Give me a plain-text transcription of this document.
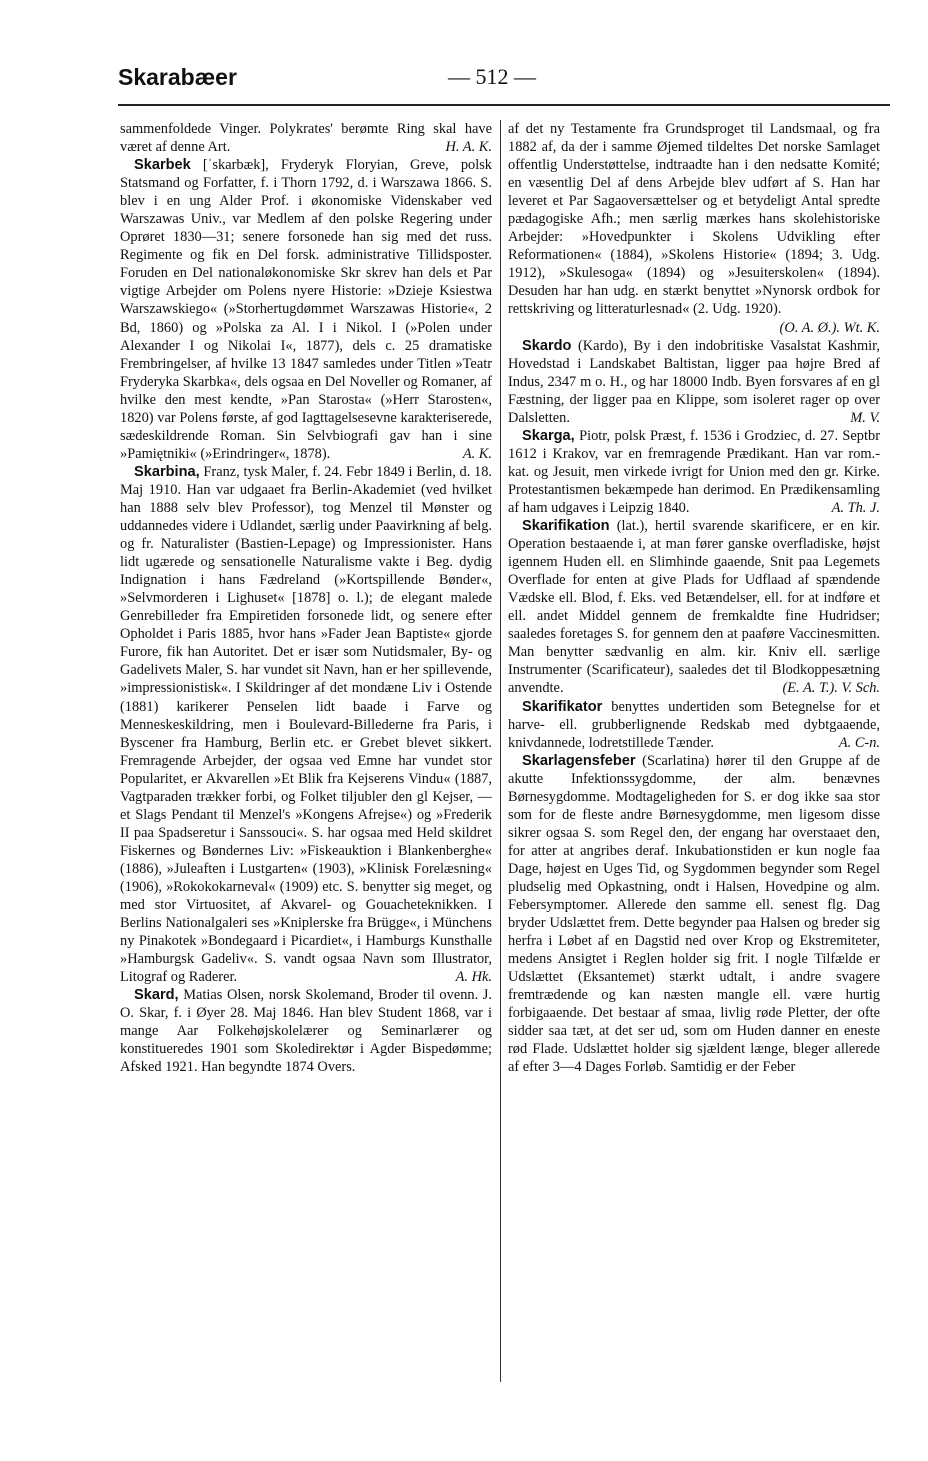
Skarabæer	— 512 —

sammenfoldede Vinger. Polykrates' berømte Ring skal have været af denne Art.	H. A. K.

Skarbek [ˈskarbæk], Fryderyk Floryian, Greve, polsk Statsmand og Forfatter, f. i Thorn 1792, d. i Warszawa 1866. S. blev i en ung Alder Prof. i økonomiske Videnskaber ved Warszawas Univ., var Medlem af den polske Regering under Oprøret 1830—31; senere forsonede han sig med det russ. Regimente og fik en Del forsk. administrative Tillidsposter. Foruden en Del nationaløkonomiske Skr skrev han dels et Par vigtige Arbejder om Polens nyere Historie: »Dzieje Ksiestwa Warszawskiego« (»Storhertugdømmet Warszawas Historie«, 2 Bd, 1860) og »Polska za Al. I i Nikol. I (»Polen under Alexander I og Nikolai I«, 1877), dels c. 25 dramatiske Frembringelser, af hvilke 13 1847 samledes under Titlen »Teatr Fryderyka Skarbka«, dels ogsaa en Del Noveller og Romaner, af hvilke den mest kendte, »Pan Starosta« (»Herr Starosten«, 1820) var Polens første, af god Iagttagelsesevne karakteriserede, sædeskildrende Roman. Sin Selvbiografi gav han i sine »Pamiętniki« (»Erindringer«, 1878).	A. K.

Skarbina, Franz, tysk Maler, f. 24. Febr 1849 i Berlin, d. 18. Maj 1910. Han var udgaaet fra Berlin-Akademiet (ved hvilket han 1888 selv blev Professor), tog Menzel til Mønster og uddannedes videre i Udlandet, særlig under Paavirkning af belg. og fr. Naturalister (Bastien-Lepage) og Impressionister. Hans lidt ugærede og sensationelle Naturalisme vakte i Beg. dydig Indignation i hans Fædreland (»Kortspillende Bønder«, »Selvmorderen i Lighuset« [1878] o. l.); de elegant malede Genrebilleder fra Empiretiden forsonede lidt, og senere efter Opholdet i Paris 1885, hvor hans »Fader Jean Baptiste« gjorde Furore, fik han Autoritet. Det er især som Nutidsmaler, By- og Gadelivets Maler, S. har vundet sit Navn, han er her spillevende, »impressionistisk«. I Skildringer af det mondæne Liv i Ostende (1881) karikerer Penselen lidt baade i Farve og Menneskeskildring, men i Boulevard-Billederne fra Paris, i Byscener fra Hamburg, Berlin etc. er Grebet blevet sikkert. Fremragende Arbejder, der ogsaa ved Emne har vundet stor Popularitet, er Akvarellen »Et Blik fra Kejserens Vindu« (1887, Vagtparaden trækker forbi, og Folket tiljubler den gl Kejser, — et Slags Pendant til Menzel's »Kongens Afrejse«) og »Frederik II paa Spadseretur i Sanssouci«. S. har ogsaa med Held skildret Fiskernes og Bøndernes Liv: »Fiskeauktion i Blankenberghe« (1886), »Juleaften i Lustgarten« (1903), »Klinisk Forelæsning« (1906), »Rokokokarneval« (1909) etc. S. benytter sig meget, og med stor Virtuositet, af Akvarel- og Gouacheteknikken. I Berlins Nationalgaleri ses »Kniplerske fra Brügge«, i Münchens ny Pinakotek »Bondegaard i Picardiet«, i Hamburgs Kunsthalle »Hamburgsk Gadeliv«. S. vandt ogsaa Navn som Illustrator, Litograf og Raderer.	A. Hk.

Skard, Matias Olsen, norsk Skolemand, Broder til ovenn. J. O. Skar, f. i Øyer 28. Maj 1846. Han blev Student 1868, var i mange Aar Folkehøjskolelærer og Seminarlærer og konstitueredes 1901 som Skoledirektør i Agder Bispedømme; Afsked 1921. Han begyndte 1874 Overs.

af det ny Testamente fra Grundsproget til Landsmaal, og fra 1882 af, da der i samme Øjemed tildeltes Det norske Samlaget offentlig Understøttelse, indtraadte han i den nedsatte Komité; en væsentlig Del af dens Arbejde blev udført af S. Han har leveret et Par Sagaoversættelser og et betydeligt Antal spredte pædagogiske Afh.; men særlig mærkes hans skolehistoriske Arbejder: »Hovedpunkter i Skolens Udvikling efter Reformationen« (1884), »Skolens Historie« (1894; 3. Udg. 1912), »Skulesoga« (1894) og »Jesuiterskolen« (1894). Desuden har han udg. en stærkt benyttet »Nynorsk ordbok for rettskriving og litteraturlesnad« (2. Udg. 1920).
(O. A. Ø.). Wt. K.

Skardo (Kardo), By i den indobritiske Vasalstat Kashmir, Hovedstad i Landskabet Baltistan, ligger paa højre Bred af Indus, 2347 m o. H., og har 18000 Indb. Byen forsvares af en gl Fæstning, der ligger paa en Klippe, som isoleret rager op over Dalsletten.	M. V.

Skarga, Piotr, polsk Præst, f. 1536 i Grodziec, d. 27. Septbr 1612 i Krakov, var en fremragende Prædikant. Han var rom.-kat. og Jesuit, men virkede ivrigt for Union med den gr. Kirke. Protestantismen bekæmpede han derimod. En Prædikensamling af ham udgaves i Leipzig 1840.	A. Th. J.

Skarifikation (lat.), hertil svarende skarificere, er en kir. Operation bestaaende i, at man fører ganske overfladiske, højst igennem Huden ell. en Slimhinde gaaende, Snit paa Legemets Overflade for enten at give Plads for Udflaad af spændende Vædske ell. Blod, f. Eks. ved Betændelser, ell. for at indføre et ell. andet Middel gennem de fremkaldte fine Hudridser; saaledes foretages S. for gennem den at paaføre Vaccinesmitten. Man benytter sædvanlig en alm. kir. Kniv ell. særlige Instrumenter (Scarificateur), saaledes det til Blodkoppesætning anvendte.	(E. A. T.). V. Sch.

Skarifikator benyttes undertiden som Betegnelse for et harve- ell. grubberlignende Redskab med dybtgaaende, knivdannede, lodretstillede Tænder.	A. C-n.

Skarlagensfeber (Scarlatina) hører til den Gruppe af de akutte Infektionssygdomme, der alm. benævnes Børnesygdomme. Modtageligheden for S. er dog ikke saa stor som for de fleste andre Børnesygdomme, men ligesom disse sikrer ogsaa S. som Regel den, der engang har overstaaet den, for atter at angribes deraf. Inkubationstiden er kun nogle faa Dage, højest en Uges Tid, og Sygdommen begynder som Regel pludselig med Opkastning, ondt i Halsen, Hovedpine og alm. Febersymptomer. Allerede den samme ell. senest flg. Dag bryder Udslættet frem. Dette begynder paa Halsen og breder sig herfra i Løbet af en Dagstid ned over Krop og Ekstremiteter, medens Ansigtet i Reglen holder sig frit. I nogle Tilfælde er Udslættet (Eksantemet) stærkt udtalt, i andre svagere fremtrædende og kan næsten mangle ell. være hurtig forbigaaende. Det bestaar af smaa, livlig røde Pletter, der ofte sidder saa tæt, at det ser ud, som om Huden danner en eneste rød Flade. Udslættet holder sig sjældent længe, bleger allerede af efter 3—4 Dages Forløb. Samtidig er der Feber
